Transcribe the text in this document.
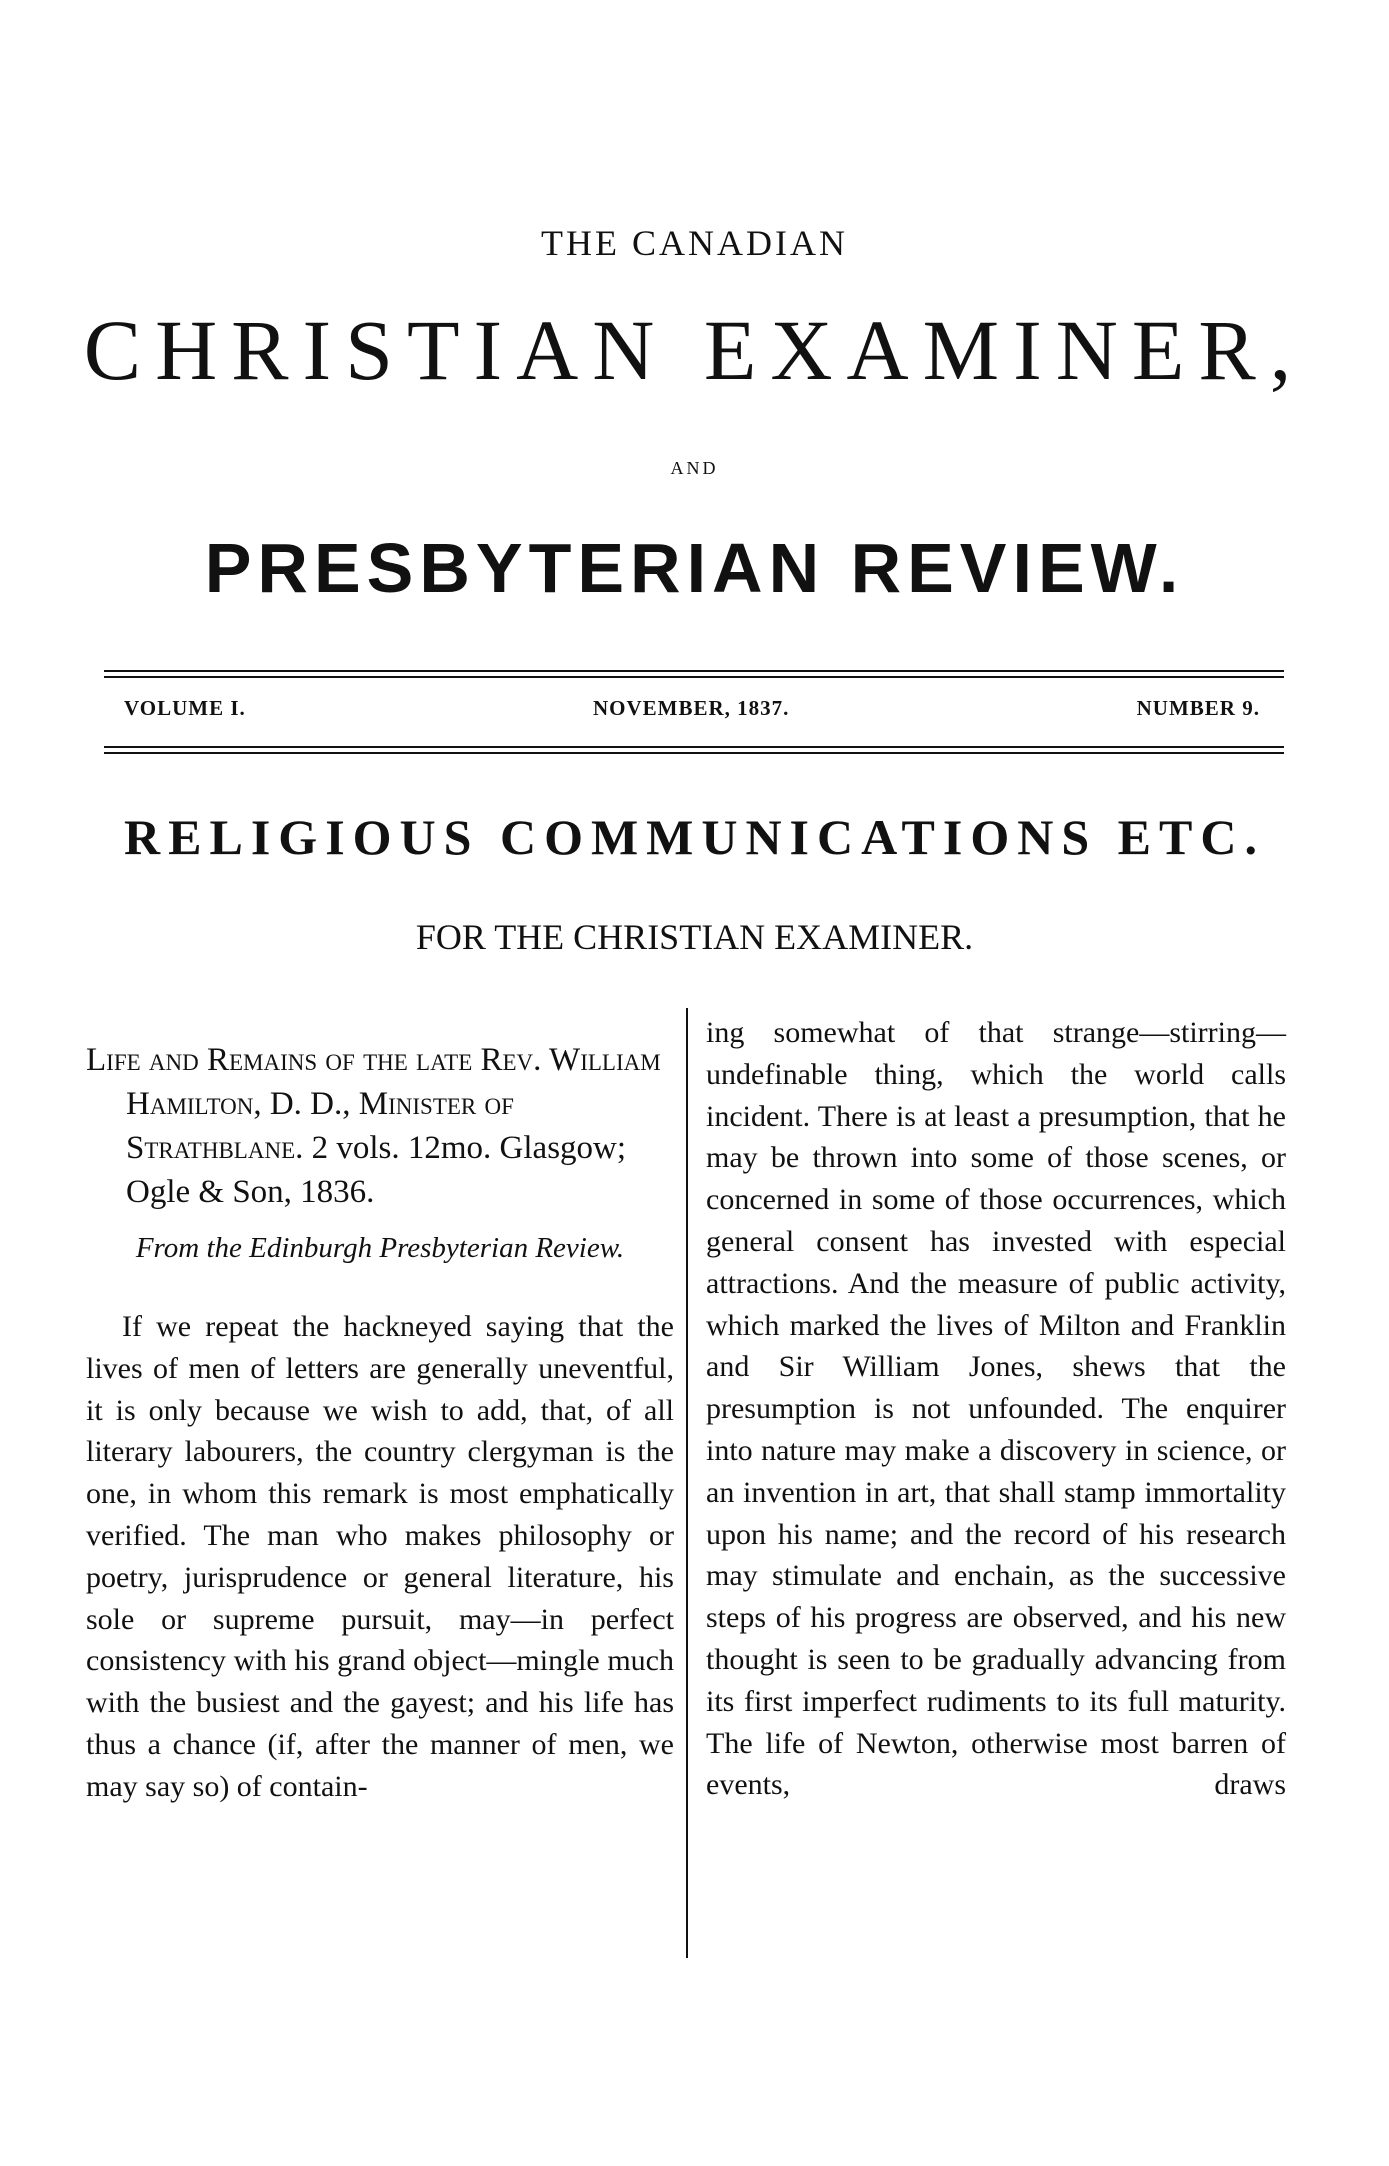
THE CANADIAN
CHRISTIAN EXAMINER,
AND
PRESBYTERIAN REVIEW.
VOLUME I.	NOVEMBER, 1837.	NUMBER 9.
RELIGIOUS COMMUNICATIONS ETC.
FOR THE CHRISTIAN EXAMINER.

Life and Remains of the late Rev. William Hamilton, D. D., Minister of Strathblane. 2 vols. 12mo. Glasgow; Ogle & Son, 1836.

From the Edinburgh Presbyterian Review.

If we repeat the hackneyed saying that the lives of men of letters are generally uneventful, it is only because we wish to add, that, of all literary labourers, the country clergyman is the one, in whom this remark is most emphatically verified. The man who makes philosophy or poetry, jurisprudence or general literature, his sole or supreme pursuit, may—in perfect consistency with his grand object—mingle much with the busiest and the gayest; and his life has thus a chance (if, after the manner of men, we may say so) of contain-

ing somewhat of that strange—stirring—undefinable thing, which the world calls incident. There is at least a presumption, that he may be thrown into some of those scenes, or concerned in some of those occurrences, which general consent has invested with especial attractions. And the measure of public activity, which marked the lives of Milton and Franklin and Sir William Jones, shews that the presumption is not unfounded. The enquirer into nature may make a discovery in science, or an invention in art, that shall stamp immortality upon his name; and the record of his research may stimulate and enchain, as the successive steps of his progress are observed, and his new thought is seen to be gradually advancing from its first imperfect rudiments to its full maturity. The life of Newton, otherwise most barren of events, draws
